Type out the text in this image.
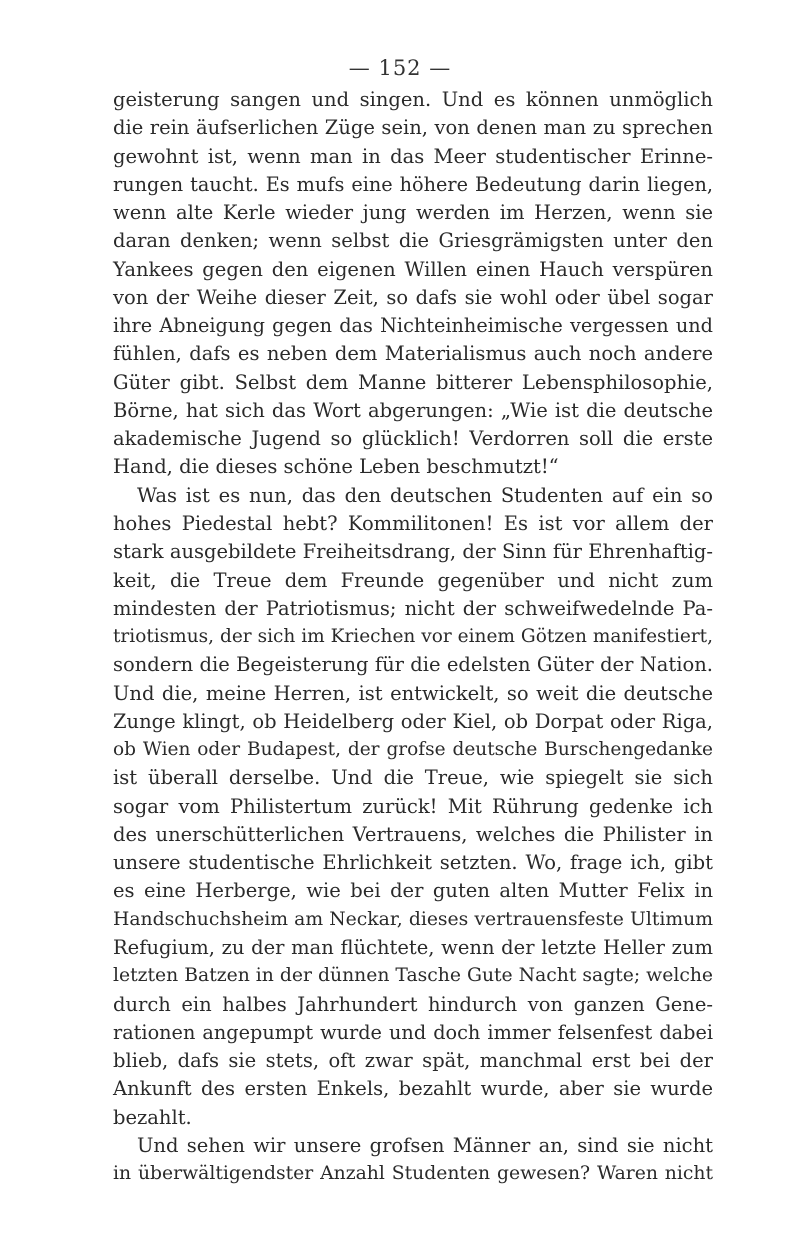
— 152 —
geisterung sangen und singen. Und es können unmöglich
die rein äufserlichen Züge sein, von denen man zu sprechen
gewohnt ist, wenn man in das Meer studentischer Erinne-
rungen taucht. Es mufs eine höhere Bedeutung darin liegen,
wenn alte Kerle wieder jung werden im Herzen, wenn sie
daran denken; wenn selbst die Griesgrämigsten unter den
Yankees gegen den eigenen Willen einen Hauch verspüren
von der Weihe dieser Zeit, so dafs sie wohl oder übel sogar
ihre Abneigung gegen das Nichteinheimische vergessen und
fühlen, dafs es neben dem Materialismus auch noch andere
Güter gibt. Selbst dem Manne bitterer Lebensphilosophie,
Börne, hat sich das Wort abgerungen: „Wie ist die deutsche
akademische Jugend so glücklich! Verdorren soll die erste
Hand, die dieses schöne Leben beschmutzt!“
Was ist es nun, das den deutschen Studenten auf ein so
hohes Piedestal hebt? Kommilitonen! Es ist vor allem der
stark ausgebildete Freiheitsdrang, der Sinn für Ehrenhaftig-
keit, die Treue dem Freunde gegenüber und nicht zum
mindesten der Patriotismus; nicht der schweifwedelnde Pa-
triotismus, der sich im Kriechen vor einem Götzen manifestiert,
sondern die Begeisterung für die edelsten Güter der Nation.
Und die, meine Herren, ist entwickelt, so weit die deutsche
Zunge klingt, ob Heidelberg oder Kiel, ob Dorpat oder Riga,
ob Wien oder Budapest, der grofse deutsche Burschengedanke
ist überall derselbe. Und die Treue, wie spiegelt sie sich
sogar vom Philistertum zurück! Mit Rührung gedenke ich
des unerschütterlichen Vertrauens, welches die Philister in
unsere studentische Ehrlichkeit setzten. Wo, frage ich, gibt
es eine Herberge, wie bei der guten alten Mutter Felix in
Handschuchsheim am Neckar, dieses vertrauensfeste Ultimum
Refugium, zu der man flüchtete, wenn der letzte Heller zum
letzten Batzen in der dünnen Tasche Gute Nacht sagte; welche
durch ein halbes Jahrhundert hindurch von ganzen Gene-
rationen angepumpt wurde und doch immer felsenfest dabei
blieb, dafs sie stets, oft zwar spät, manchmal erst bei der
Ankunft des ersten Enkels, bezahlt wurde, aber sie wurde
bezahlt.
Und sehen wir unsere grofsen Männer an, sind sie nicht
in überwältigendster Anzahl Studenten gewesen? Waren nicht
